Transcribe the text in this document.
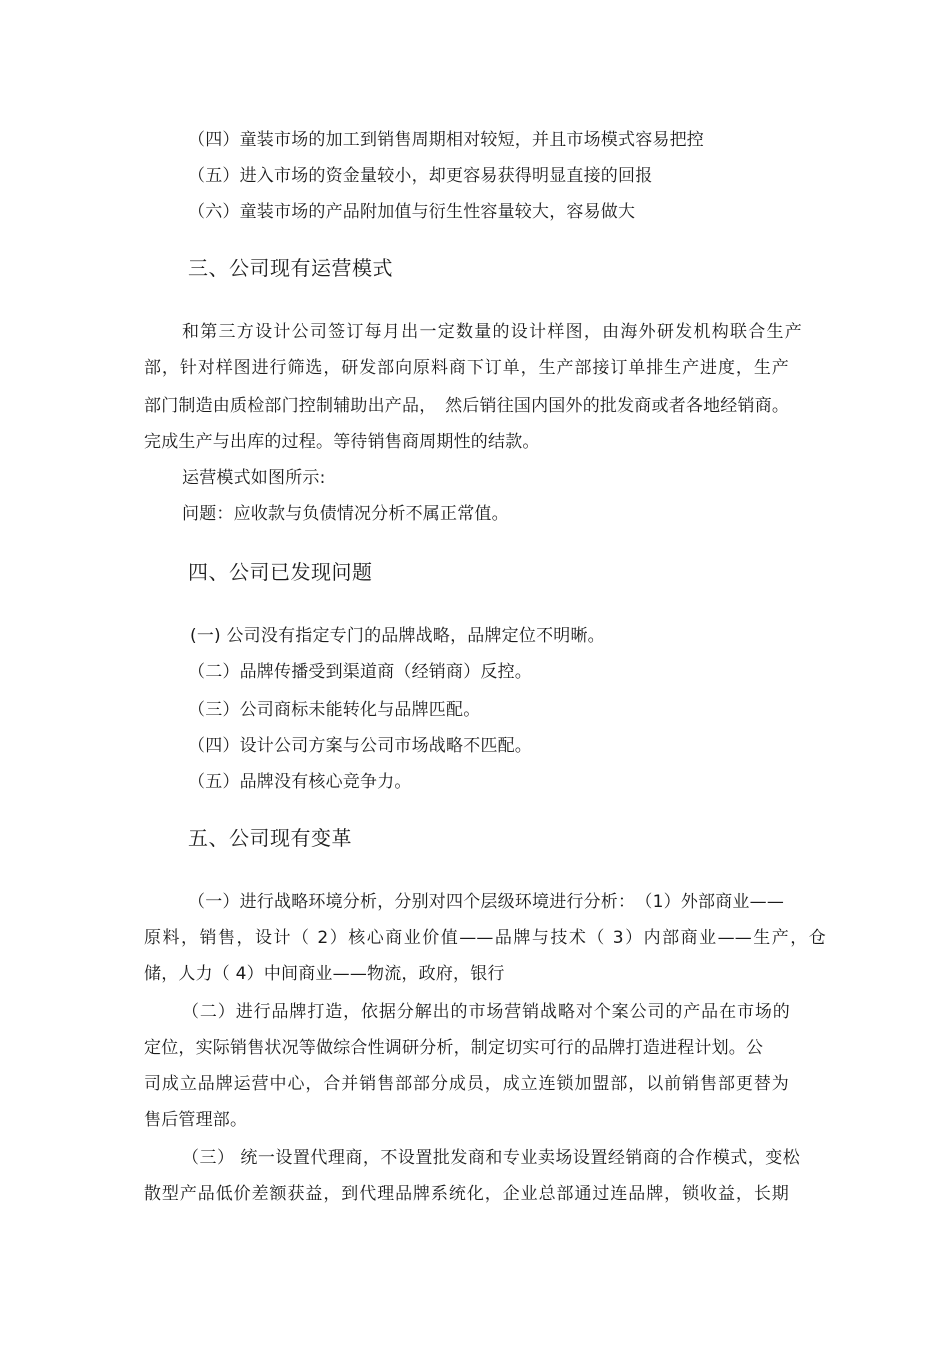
（四）童装市场的加工到销售周期相对较短，并且市场模式容易把控
（五）进入市场的资金量较小，却更容易获得明显直接的回报
（六）童装市场的产品附加值与衍生性容量较大，容易做大
三、公司现有运营模式
和第三方设计公司签订每月出一定数量的设计样图，由海外研发机构联合生产
部，针对样图进行筛选，研发部向原料商下订单，生产部接订单排生产进度，生产
部门制造由质检部门控制辅助出产品，　然后销往国内国外的批发商或者各地经销商。
完成生产与出库的过程。等待销售商周期性的结款。
运营模式如图所示:
问题：应收款与负债情况分析不属正常值。
四、公司已发现问题
(一) 公司没有指定专门的品牌战略，品牌定位不明晰。
（二）品牌传播受到渠道商（经销商）反控。
（三）公司商标未能转化与品牌匹配。
（四）设计公司方案与公司市场战略不匹配。
（五）品牌没有核心竞争力。
五、公司现有变革
（一）进行战略环境分析，分别对四个层级环境进行分析：　（1）外部商业——
原料，销售，设计（ 2）核心商业价值——品牌与技术（ 3）内部商业——生产，仓
储，人力（ 4）中间商业——物流，政府，银行
（二）进行品牌打造，依据分解出的市场营销战略对个案公司的产品在市场的
定位，实际销售状况等做综合性调研分析，制定切实可行的品牌打造进程计划。公
司成立品牌运营中心，合并销售部部分成员，成立连锁加盟部，以前销售部更替为
售后管理部。
（三） 统一设置代理商，不设置批发商和专业卖场设置经销商的合作模式，变松
散型产品低价差额获益，到代理品牌系统化，企业总部通过连品牌，锁收益，长期
